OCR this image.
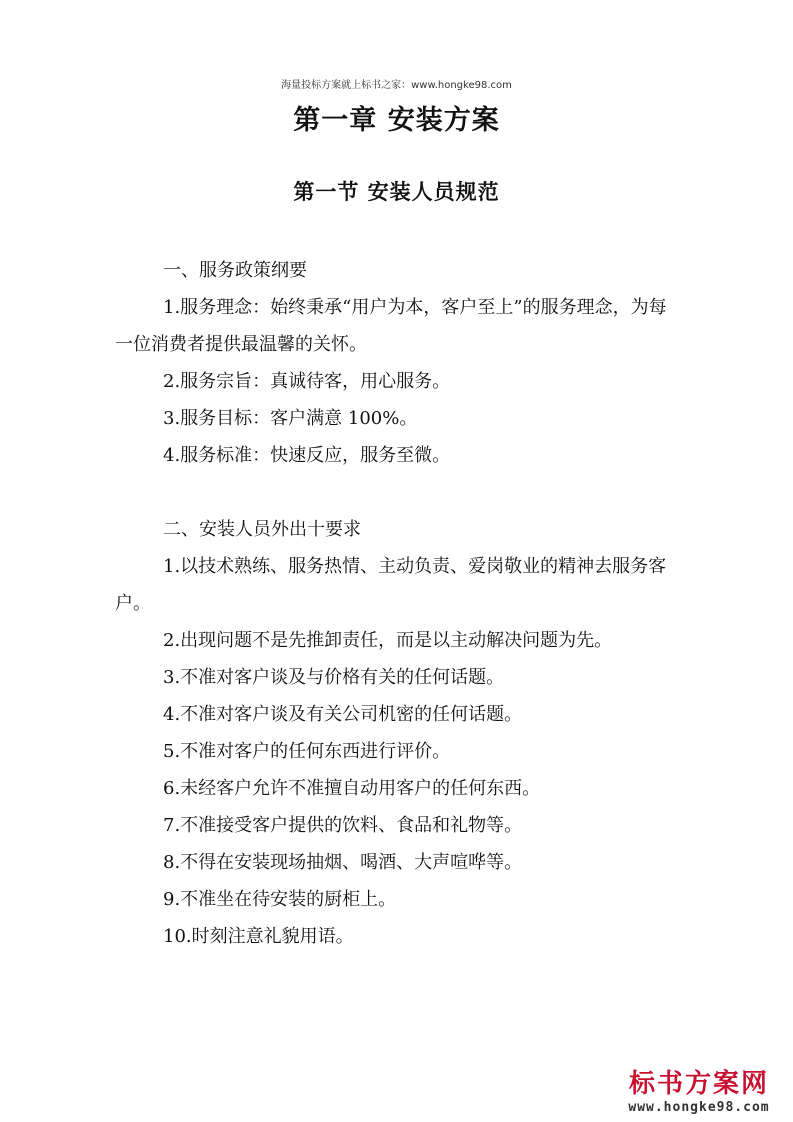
海量投标方案就上标书之家：www.hongke98.com
第一章 安装方案
第一节 安装人员规范

一、服务政策纲要

1.服务理念：始终秉承“用户为本，客户至上”的服务理念，为每一位消费者提供最温馨的关怀。

2.服务宗旨：真诚待客，用心服务。

3.服务目标：客户满意 100%。

4.服务标准：快速反应，服务至微。

二、安装人员外出十要求

1.以技术熟练、服务热情、主动负责、爱岗敬业的精神去服务客户。

2.出现问题不是先推卸责任，而是以主动解决问题为先。

3.不准对客户谈及与价格有关的任何话题。

4.不准对客户谈及有关公司机密的任何话题。

5.不准对客户的任何东西进行评价。

6.未经客户允许不准擅自动用客户的任何东西。

7.不准接受客户提供的饮料、食品和礼物等。

8.不得在安装现场抽烟、喝酒、大声喧哗等。

9.不准坐在待安装的厨柜上。

10.时刻注意礼貌用语。

标书方案网
www.hongke98.com
